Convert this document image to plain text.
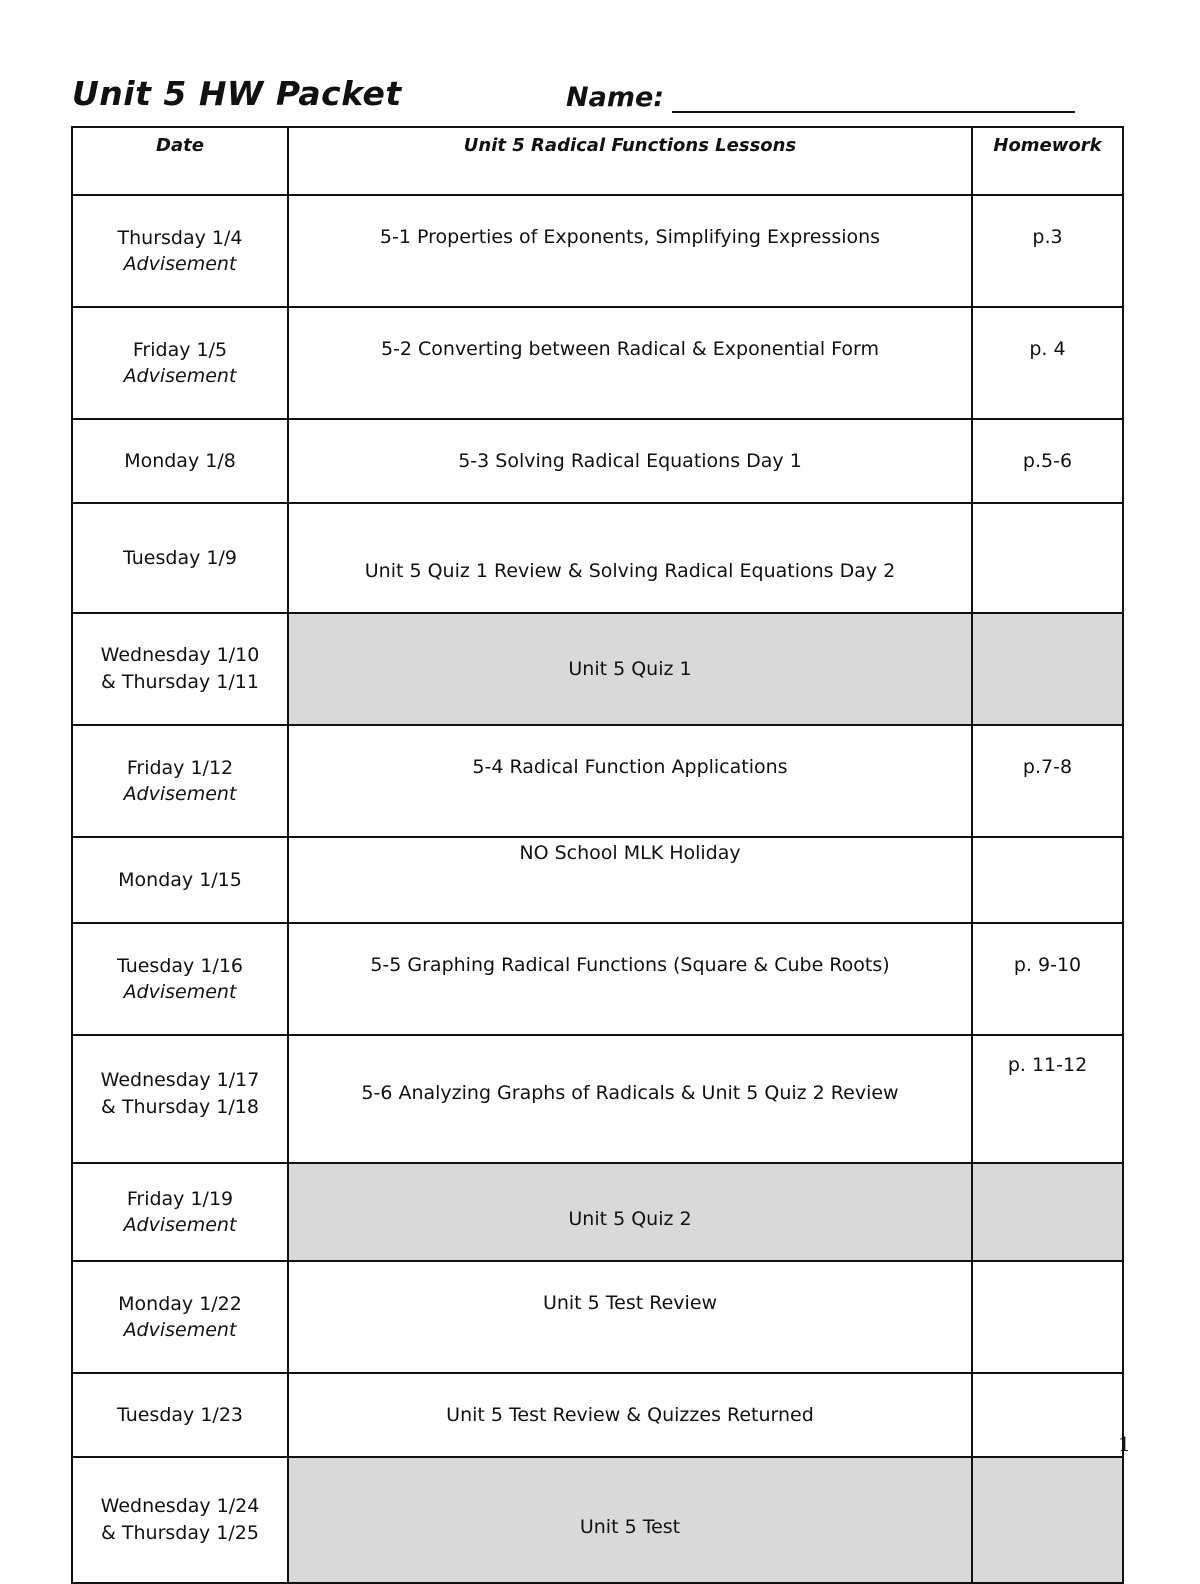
Unit 5 HW Packet	Name:
Date	Unit 5 Radical Functions Lessons	Homework

Thursday 1/4
Advisement	5-1 Properties of Exponents, Simplifying Expressions	p.3

Friday 1/5
Advisement	5-2 Converting between Radical & Exponential Form	p. 4

Monday 1/8	5-3 Solving Radical Equations Day 1	p.5-6

Tuesday 1/9	Unit 5 Quiz 1 Review & Solving Radical Equations Day 2	

Wednesday 1/10
& Thursday 1/11	Unit 5 Quiz 1	

Friday 1/12
Advisement	5-4 Radical Function Applications	p.7-8

Monday 1/15	NO School MLK Holiday	

Tuesday 1/16
Advisement	5-5 Graphing Radical Functions (Square & Cube Roots)	p. 9-10

Wednesday 1/17
& Thursday 1/18	5-6 Analyzing Graphs of Radicals & Unit 5 Quiz 2 Review	p. 11-12

Friday 1/19
Advisement	Unit 5 Quiz 2	

Monday 1/22
Advisement	Unit 5 Test Review	

Tuesday 1/23	Unit 5 Test Review & Quizzes Returned	

Wednesday 1/24
& Thursday 1/25	Unit 5 Test	
1
